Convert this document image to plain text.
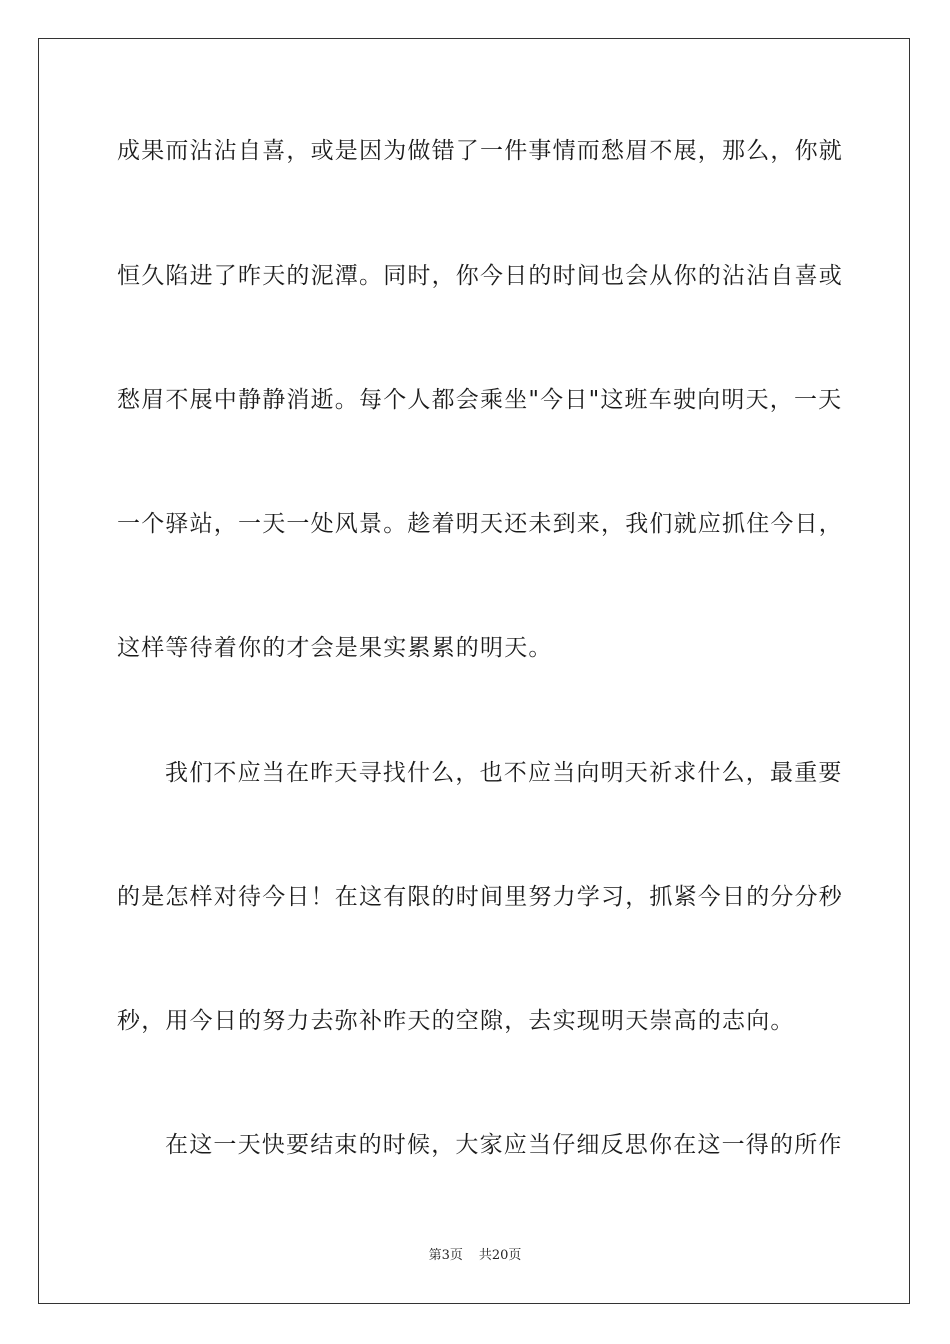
成果而沾沾自喜，或是因为做错了一件事情而愁眉不展，那么，你就
恒久陷进了昨天的泥潭。同时，你今日的时间也会从你的沾沾自喜或
愁眉不展中静静消逝。每个人都会乘坐"今日"这班车驶向明天，一天
一个驿站，一天一处风景。趁着明天还未到来，我们就应抓住今日，
这样等待着你的才会是果实累累的明天。
我们不应当在昨天寻找什么，也不应当向明天祈求什么，最重要
的是怎样对待今日！在这有限的时间里努力学习，抓紧今日的分分秒
秒，用今日的努力去弥补昨天的空隙，去实现明天崇高的志向。
在这一天快要结束的时候，大家应当仔细反思你在这一得的所作
第3页 共20页
